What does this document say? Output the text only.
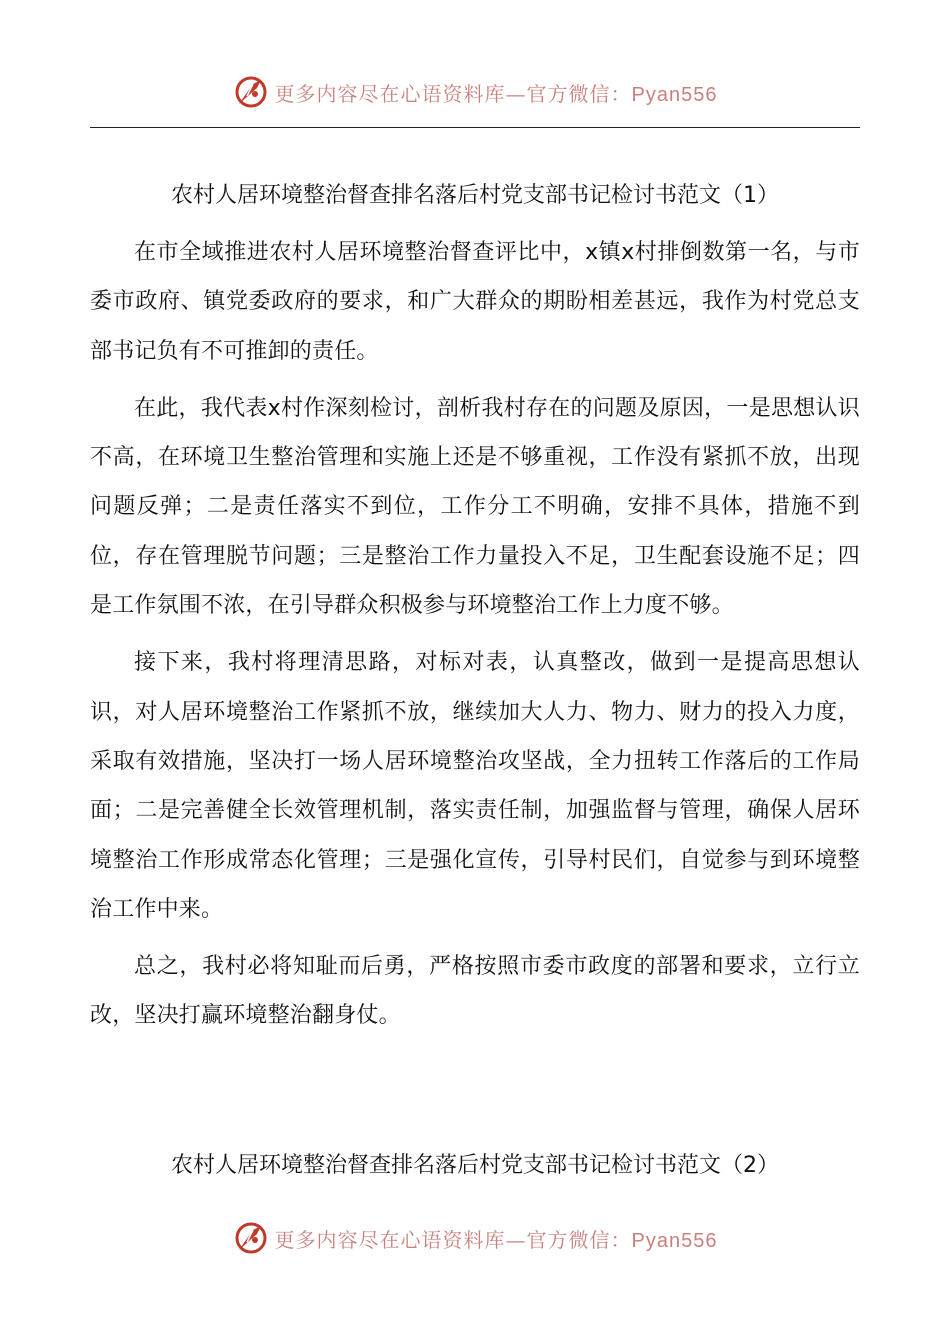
更多内容尽在心语资料库—官方微信：Pyan556
农村人居环境整治督查排名落后村党支部书记检讨书范文（1）

在市全域推进农村人居环境整治督查评比中，x镇x村排倒数第一名，与市委市政府、镇党委政府的要求，和广大群众的期盼相差甚远，我作为村党总支部书记负有不可推卸的责任。

在此，我代表x村作深刻检讨，剖析我村存在的问题及原因，一是思想认识不高，在环境卫生整治管理和实施上还是不够重视，工作没有紧抓不放，出现问题反弹；二是责任落实不到位，工作分工不明确，安排不具体，措施不到位，存在管理脱节问题；三是整治工作力量投入不足，卫生配套设施不足；四是工作氛围不浓，在引导群众积极参与环境整治工作上力度不够。

接下来，我村将理清思路，对标对表，认真整改，做到一是提高思想认识，对人居环境整治工作紧抓不放，继续加大人力、物力、财力的投入力度，采取有效措施，坚决打一场人居环境整治攻坚战，全力扭转工作落后的工作局面；二是完善健全长效管理机制，落实责任制，加强监督与管理，确保人居环境整治工作形成常态化管理；三是强化宣传，引导村民们，自觉参与到环境整治工作中来。

总之，我村必将知耻而后勇，严格按照市委市政度的部署和要求，立行立改，坚决打赢环境整治翻身仗。

农村人居环境整治督查排名落后村党支部书记检讨书范文（2）
更多内容尽在心语资料库—官方微信：Pyan556
